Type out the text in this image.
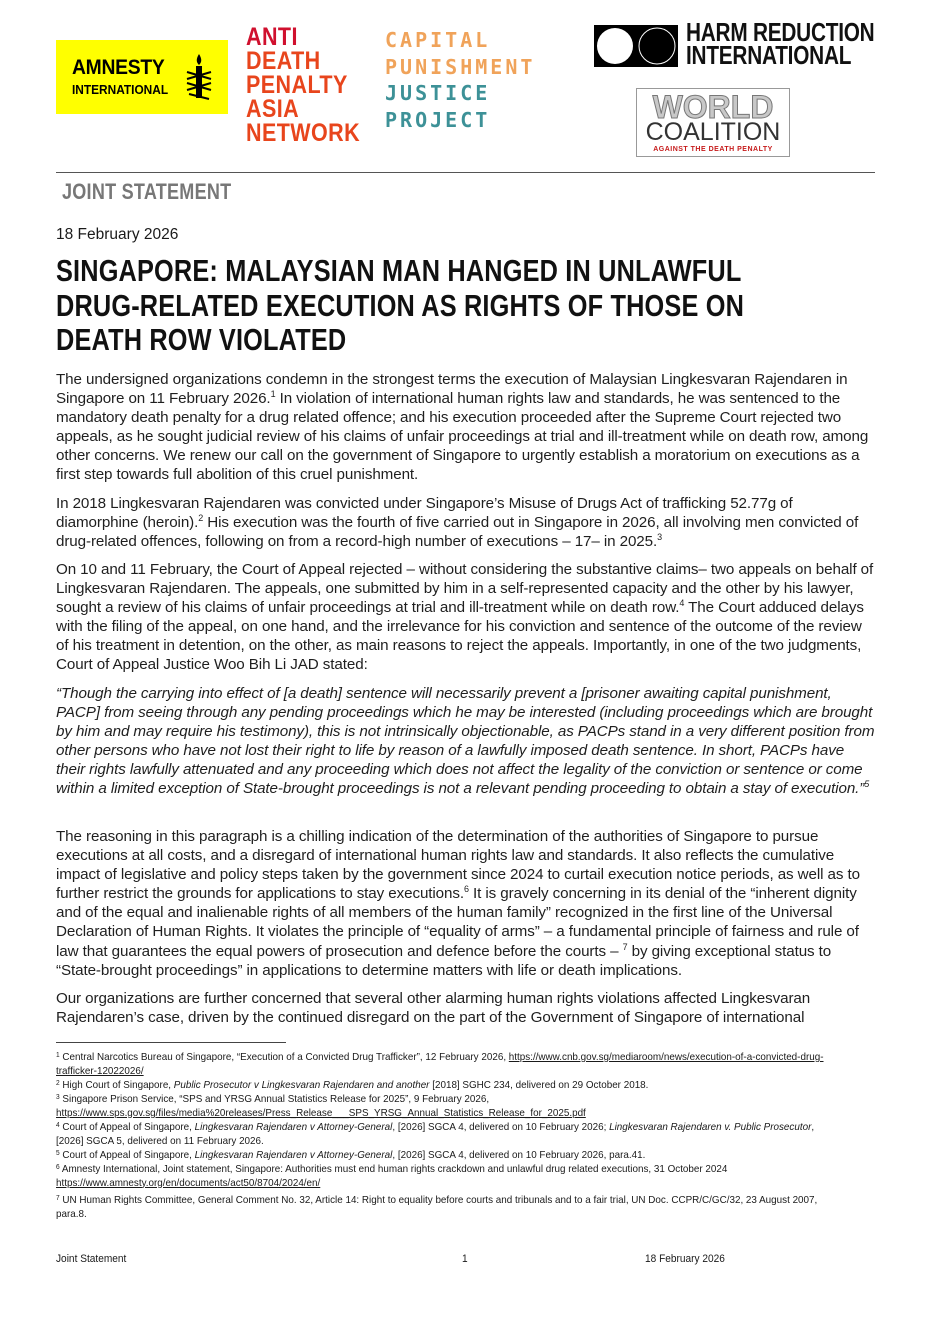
AMNESTY
INTERNATIONAL
ANTI
DEATH
PENALTY
ASIA
NETWORK
CAPITAL
PUNISHMENT
JUSTICE
PROJECT
HARM REDUCTION
INTERNATIONAL
WORLD
COALITION
AGAINST THE DEATH PENALTY
JOINT STATEMENT
18 February 2026
SINGAPORE: MALAYSIAN MAN HANGED IN UNLAWFUL DRUG-RELATED EXECUTION AS RIGHTS OF THOSE ON DEATH ROW VIOLATED
The undersigned organizations condemn in the strongest terms the execution of Malaysian Lingkesvaran Rajendaren in Singapore on 11 February 2026.$^1$ In violation of international human rights law and standards, he was sentenced to the mandatory death penalty for a drug related offence; and his execution proceeded after the Supreme Court rejected two appeals, as he sought judicial review of his claims of unfair proceedings at trial and ill-treatment while on death row, among other concerns. We renew our call on the government of Singapore to urgently establish a moratorium on executions as a first step towards full abolition of this cruel punishment.
In 2018 Lingkesvaran Rajendaren was convicted under Singapore’s Misuse of Drugs Act of trafficking 52.77g of diamorphine (heroin).$^2$ His execution was the fourth of five carried out in Singapore in 2026, all involving men convicted of drug-related offences, following on from a record-high number of executions – 17– in 2025.$^3$
On 10 and 11 February, the Court of Appeal rejected – without considering the substantive claims– two appeals on behalf of Lingkesvaran Rajendaren. The appeals, one submitted by him in a self-represented capacity and the other by his lawyer, sought a review of his claims of unfair proceedings at trial and ill-treatment while on death row.$^4$ The Court adduced delays with the filing of the appeal, on one hand, and the irrelevance for his conviction and sentence of the outcome of the review of his treatment in detention, on the other, as main reasons to reject the appeals. Importantly, in one of the two judgments, Court of Appeal Justice Woo Bih Li JAD stated:
“Though the carrying into effect of [a death] sentence will necessarily prevent a [prisoner awaiting capital punishment, PACP] from seeing through any pending proceedings which he may be interested (including proceedings which are brought by him and may require his testimony), this is not intrinsically objectionable, as PACPs stand in a very different position from other persons who have not lost their right to life by reason of a lawfully imposed death sentence. In short, PACPs have their rights lawfully attenuated and any proceeding which does not affect the legality of the conviction or sentence or come within a limited exception of State-brought proceedings is not a relevant pending proceeding to obtain a stay of execution.”$^5$
The reasoning in this paragraph is a chilling indication of the determination of the authorities of Singapore to pursue executions at all costs, and a disregard of international human rights law and standards. It also reflects the cumulative impact of legislative and policy steps taken by the government since 2024 to curtail execution notice periods, as well as to further restrict the grounds for applications to stay executions.$^6$ It is gravely concerning in its denial of the “inherent dignity and of the equal and inalienable rights of all members of the human family” recognized in the first line of the Universal Declaration of Human Rights. It violates the principle of “equality of arms” – a fundamental principle of fairness and rule of law that guarantees the equal powers of prosecution and defence before the courts – $^7$ by giving exceptional status to “State-brought proceedings” in applications to determine matters with life or death implications.
Our organizations are further concerned that several other alarming human rights violations affected Lingkesvaran Rajendaren’s case, driven by the continued disregard on the part of the Government of Singapore of international
$^1$ Central Narcotics Bureau of Singapore, “Execution of a Convicted Drug Trafficker”, 12 February 2026, https://www.cnb.gov.sg/mediaroom/news/execution-of-a-convicted-drug-trafficker-12022026/
$^2$ High Court of Singapore, Public Prosecutor v Lingkesvaran Rajendaren and another [2018] SGHC 234, delivered on 29 October 2018.
$^3$ Singapore Prison Service, “SPS and YRSG Annual Statistics Release for 2025”, 9 February 2026,
https://www.sps.gov.sg/files/media%20releases/Press_Release___SPS_YRSG_Annual_Statistics_Release_for_2025.pdf
$^4$ Court of Appeal of Singapore, Lingkesvaran Rajendaren v Attorney-General, [2026] SGCA 4, delivered on 10 February 2026; Lingkesvaran Rajendaren v. Public Prosecutor, [2026] SGCA 5, delivered on 11 February 2026.
$^5$ Court of Appeal of Singapore, Lingkesvaran Rajendaren v Attorney-General, [2026] SGCA 4, delivered on 10 February 2026, para.41.
$^6$ Amnesty International, Joint statement, Singapore: Authorities must end human rights crackdown and unlawful drug related executions, 31 October 2024
https://www.amnesty.org/en/documents/act50/8704/2024/en/
$^7$ UN Human Rights Committee, General Comment No. 32, Article 14: Right to equality before courts and tribunals and to a fair trial, UN Doc. CCPR/C/GC/32, 23 August 2007, para.8.
Joint Statement	1	18 February 2026
